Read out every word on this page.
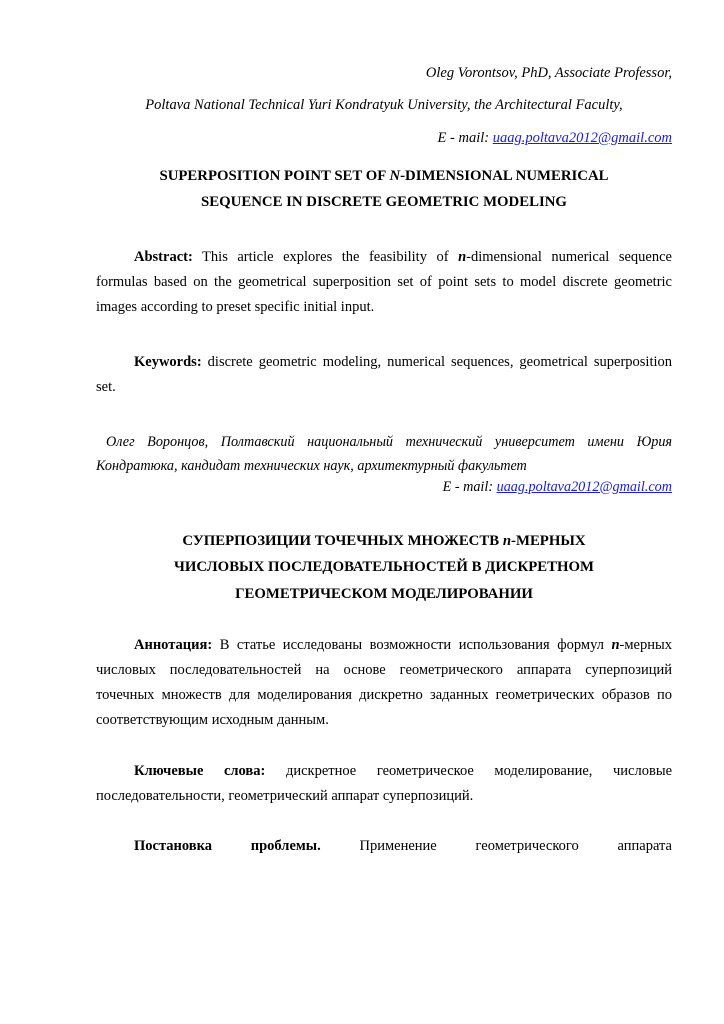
Oleg Vorontsov, PhD, Associate Professor,

Poltava National Technical Yuri Kondratyuk University, the Architectural Faculty,

E - mail: uaag.poltava2012@gmail.com

SUPERPOSITION POINT SET OF N-DIMENSIONAL NUMERICAL
SEQUENCE IN DISCRETE GEOMETRIC MODELING

Abstract: This article explores the feasibility of n-dimensional numerical sequence formulas based on the geometrical superposition set of point sets to model discrete geometric images according to preset specific initial input.

Keywords: discrete geometric modeling, numerical sequences, geometrical superposition set.

Олег Воронцов, Полтавский национальный технический университет имени Юрия Кондратюка, кандидат технических наук, архитектурный факультет

E - mail: uaag.poltava2012@gmail.com

СУПЕРПОЗИЦИИ ТОЧЕЧНЫХ МНОЖЕСТВ n-МЕРНЫХ
ЧИСЛОВЫХ ПОСЛЕДОВАТЕЛЬНОСТЕЙ В ДИСКРЕТНОМ
ГЕОМЕТРИЧЕСКОМ МОДЕЛИРОВАНИИ

Аннотация: В статье исследованы возможности использования формул n-мерных числовых последовательностей на основе геометрического аппарата суперпозиций точечных множеств для моделирования дискретно заданных геометрических образов по соответствующим исходным данным.

Ключевые слова: дискретное геометрическое моделирование, числовые последовательности, геометрический аппарат суперпозиций.

Постановка проблемы. Применение геометрического аппарата
